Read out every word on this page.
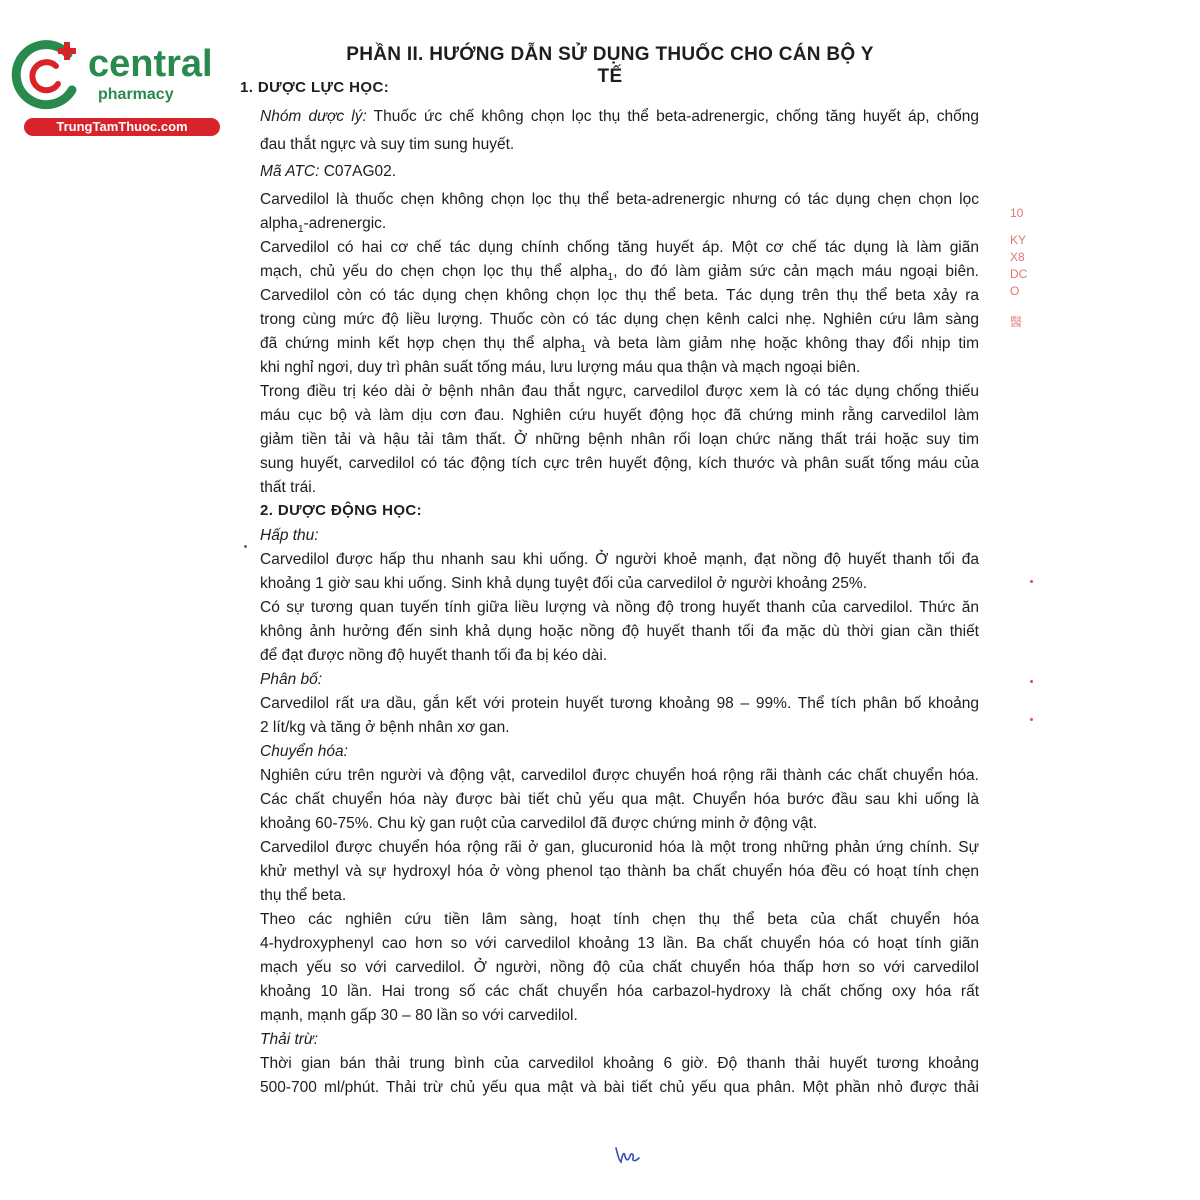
central
pharmacy
TrungTamThuoc.com
PHẦN II. HƯỚNG DẪN SỬ DỤNG THUỐC CHO CÁN BỘ Y TẾ
1. DƯỢC LỰC HỌC:
Nhóm dược lý: Thuốc ức chế không chọn lọc thụ thể beta-adrenergic, chống tăng huyết áp, chống
đau thắt ngực và suy tim sung huyết.
Mã ATC: C07AG02.
Carvedilol là thuốc chẹn không chọn lọc thụ thể beta-adrenergic nhưng có tác dụng chẹn chọn lọc
alpha$_1$-adrenergic.
Carvedilol có hai cơ chế tác dụng chính chống tăng huyết áp. Một cơ chế tác dụng là làm giãn
mạch, chủ yếu do chẹn chọn lọc thụ thể alpha$_1$, do đó làm giảm sức cản mạch máu ngoại biên.
Carvedilol còn có tác dụng chẹn không chọn lọc thụ thể beta. Tác dụng trên thụ thể beta xảy ra
trong cùng mức độ liều lượng. Thuốc còn có tác dụng chẹn kênh calci nhẹ. Nghiên cứu lâm sàng
đã chứng minh kết hợp chẹn thụ thể alpha$_1$ và beta làm giảm nhẹ hoặc không thay đổi nhịp tim
khi nghỉ ngơi, duy trì phân suất tống máu, lưu lượng máu qua thận và mạch ngoại biên.
Trong điều trị kéo dài ở bệnh nhân đau thắt ngực, carvedilol được xem là có tác dụng chống thiếu
máu cục bộ và làm dịu cơn đau. Nghiên cứu huyết động học đã chứng minh rằng carvedilol làm
giảm tiền tải và hậu tải tâm thất. Ở những bệnh nhân rối loạn chức năng thất trái hoặc suy tim
sung huyết, carvedilol có tác động tích cực trên huyết động, kích thước và phân suất tống máu của
thất trái.
2. DƯỢC ĐỘNG HỌC:
Hấp thu:
Carvedilol được hấp thu nhanh sau khi uống. Ở người khoẻ mạnh, đạt nồng độ huyết thanh tối đa
khoảng 1 giờ sau khi uống. Sinh khả dụng tuyệt đối của carvedilol ở người khoảng 25%.
Có sự tương quan tuyến tính giữa liều lượng và nồng độ trong huyết thanh của carvedilol. Thức ăn
không ảnh hưởng đến sinh khả dụng hoặc nồng độ huyết thanh tối đa mặc dù thời gian cần thiết
để đạt được nồng độ huyết thanh tối đa bị kéo dài.
Phân bố:
Carvedilol rất ưa dầu, gắn kết với protein huyết tương khoảng 98 – 99%. Thể tích phân bố khoảng
2 lít/kg và tăng ở bệnh nhân xơ gan.
Chuyển hóa:
Nghiên cứu trên người và động vật, carvedilol được chuyển hoá rộng rãi thành các chất chuyển hóa.
Các chất chuyển hóa này được bài tiết chủ yếu qua mật. Chuyển hóa bước đầu sau khi uống là
khoảng 60-75%. Chu kỳ gan ruột của carvedilol đã được chứng minh ở động vật.
Carvedilol được chuyển hóa rộng rãi ở gan, glucuronid hóa là một trong những phản ứng chính. Sự
khử methyl và sự hydroxyl hóa ở vòng phenol tạo thành ba chất chuyển hóa đều có hoạt tính chẹn
thụ thể beta.
Theo các nghiên cứu tiền lâm sàng, hoạt tính chẹn thụ thể beta của chất chuyển hóa
4-hydroxyphenyl cao hơn so với carvedilol khoảng 13 lần. Ba chất chuyển hóa có hoạt tính giãn
mạch yếu so với carvedilol. Ở người, nồng độ của chất chuyển hóa thấp hơn so với carvedilol
khoảng 10 lần. Hai trong số các chất chuyển hóa carbazol-hydroxy là chất chống oxy hóa rất
mạnh, mạnh gấp 30 – 80 lần so với carvedilol.
Thải trừ:
Thời gian bán thải trung bình của carvedilol khoảng 6 giờ. Độ thanh thải huyết tương khoảng
500-700 ml/phút. Thải trừ chủ yếu qua mật và bài tiết chủ yếu qua phân. Một phần nhỏ được thải
10
KY
X8
DC
O
醫
